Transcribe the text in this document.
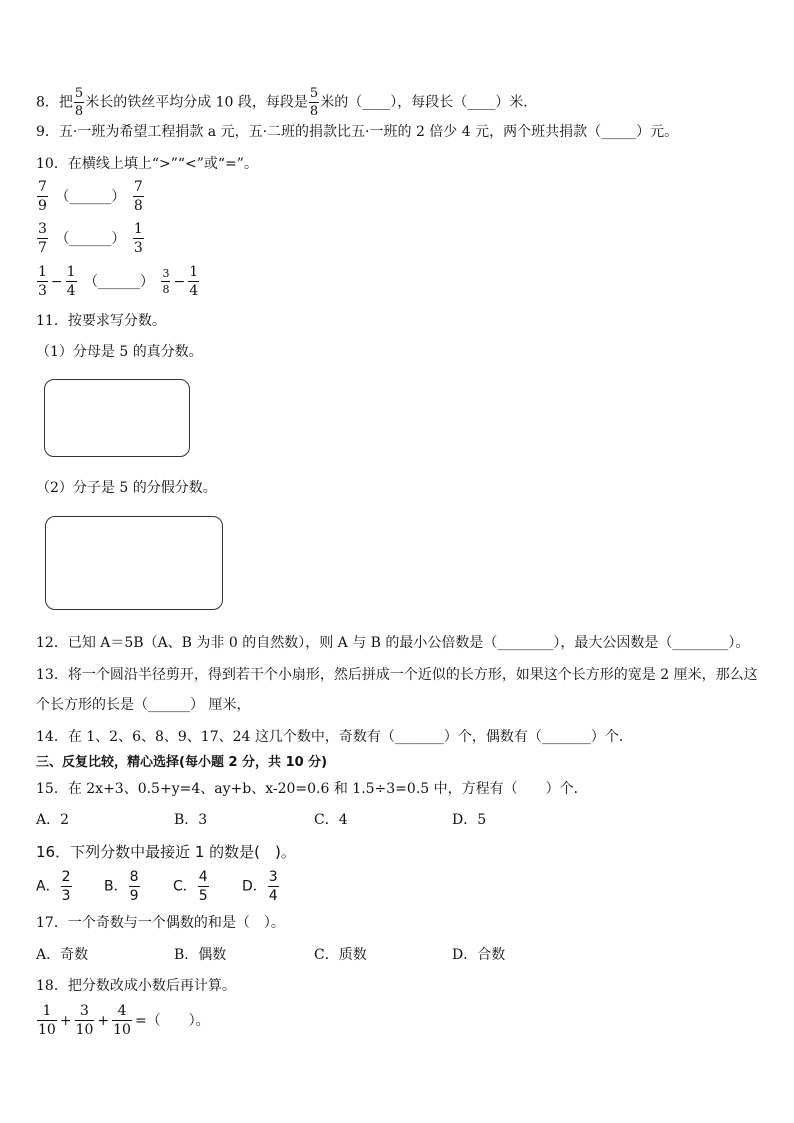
8．把 $\frac{5}{8}$ 米长的铁丝平均分成 10 段，每段是 $\frac{5}{8}$ 米的（____），每段长（____）米．
9．五·一班为希望工程捐款 a 元，五·二班的捐款比五·一班的 2 倍少 4 元，两个班共捐款（_____）元。
10．在横线上填上“>”“<”或“=”。
$\frac{7}{9}$ （______） $\frac{7}{8}$
$\frac{3}{7}$ （______） $\frac{1}{3}$
$\frac{1}{3} - \frac{1}{4}$ （______） $\frac{3}{8} - \frac{1}{4}$
11．按要求写分数。
（1）分母是 5 的真分数。
（2）分子是 5 的分假分数。
12．已知 A＝5B（A、B 为非 0 的自然数），则 A 与 B 的最小公倍数是（________），最大公因数是（________）。
13．将一个圆沿半径剪开，得到若干个小扇形，然后拼成一个近似的长方形，如果这个长方形的宽是 2 厘米，那么这
个长方形的长是（______） 厘米，
14．在 1、2、6、8、9、17、24 这几个数中，奇数有（_______）个，偶数有（_______）个．
三、反复比较，精心选择(每小题 2 分，共 10 分)
15．在 2x+3、0.5+y=4、ay+b、x-20=0.6 和 1.5÷3=0.5 中，方程有（　　）个．
A．2	B．3	C．4	D．5
16．下列分数中最接近 1 的数是(　)。
A． $\frac{2}{3}$ B． $\frac{8}{9}$ C． $\frac{4}{5}$ D． $\frac{3}{4}$
17．一个奇数与一个偶数的和是（　）。
A．奇数	B．偶数	C．质数	D．合数
18．把分数改成小数后再计算。
$\frac{1}{10} + \frac{3}{10} + \frac{4}{10}$ =（　　）。
